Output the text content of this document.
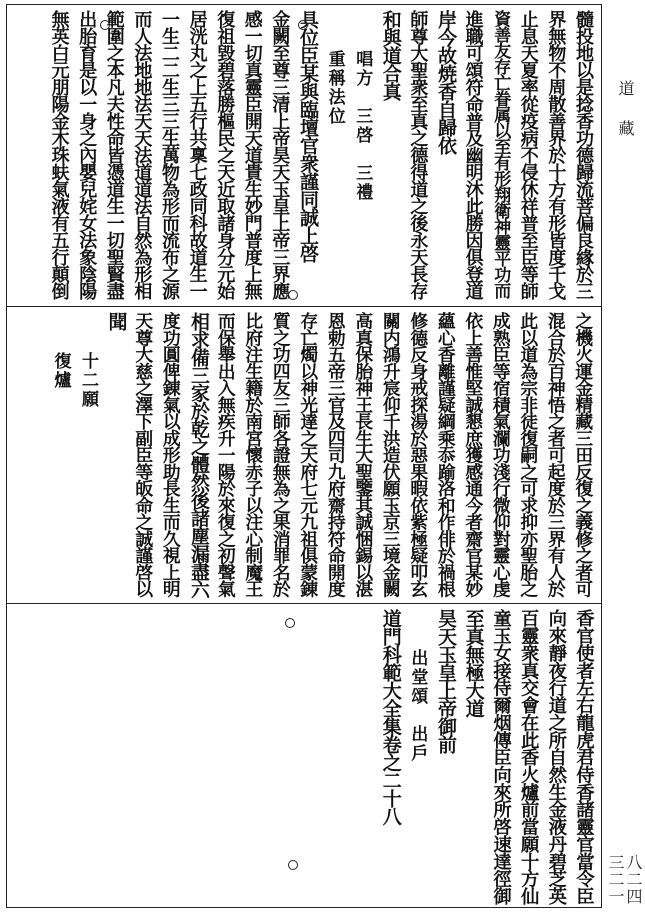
道
藏
三二一 八二四
髓投地以是捻香功德歸流菩偏良緣於三
界無物不周散善界於十方有形皆度千戈
止息天夏率從疫病不侵休祥普至臣等師
資善友存亡眷属以至有形翔衛神靈平功而
進職可頌符命普及幽明沐此勝因俱登道
岸今故焼香自歸依
師尊大聖衆至真之德得道之後永天長存
和與道合真
唱方　三啓　三禮
重稱法位
具位臣某與臨壇官衆謹同誠上啓
金闕至尊三清上帝昊天玉皇上帝三界應
感一切真靈臣開天道貴生妙門普度上無
復祖毀碧落勝樞民之天近取諸身分元始
居洸丸之上五行共稟七政同科故道生一
一生二二生三三生萬物為形而流布之源
而人法地地法天天法道道法自然為形相
範圍之本凡夫性命皆憑道生一切聖賢盡
出胎育是以一身之內嬰兒姹女法象陰陽
無英白元朋陽金木珠蚨氣液有五行顛倒
之機火運金精藏三田反復之義修之者可
混合於百神悟之者可起度於三界有人於
此以道為宗非徒復嗣之可求抑亦聖胎之
成熟臣等宿積氣瀾功淺行微仰對靈心虔
依上善惟堅誠懇庶獲感通今者齋官某妙
蘊心香離謹疑綱乘忝踰洛和作俳於禍根
修德反身戒探湯於惡果暇依紫極疑叩玄
關内鴻升宸仰千洪造伏願玉京三境金闕
高真保胎神王長生大聖鑒其誠悃錫以湛
恩勅五帝三官及四司九府齋持符命開度
存亡燭以神光達之天府七元九祖俱蒙錬
質之功四友三師各證無為之果消罪名於
比府注生籍於南宮懷赤子以注心制魔王
而保舉出入無疾升一陽於來復之初聲氣
相求備三家於乾之體然後諸塵漏盡六
度功圓俾錬氣以成形助長生而久視上明
天尊大慈之澤下副臣等皈命之誠謹啓以
聞
十二願
復爐
香官使者左右龍虎君侍香諸靈官當令臣
向來靜夜行道之所自然生金液丹碧芝英
百靈衆真交會在此香火爐前當願十方仙
童玉女接侍爾烟傳臣向來所啓速達徑御
至真無極大道
昊天玉皇上帝御前
出堂頌　出戶
道門科範大全集卷之二十八
